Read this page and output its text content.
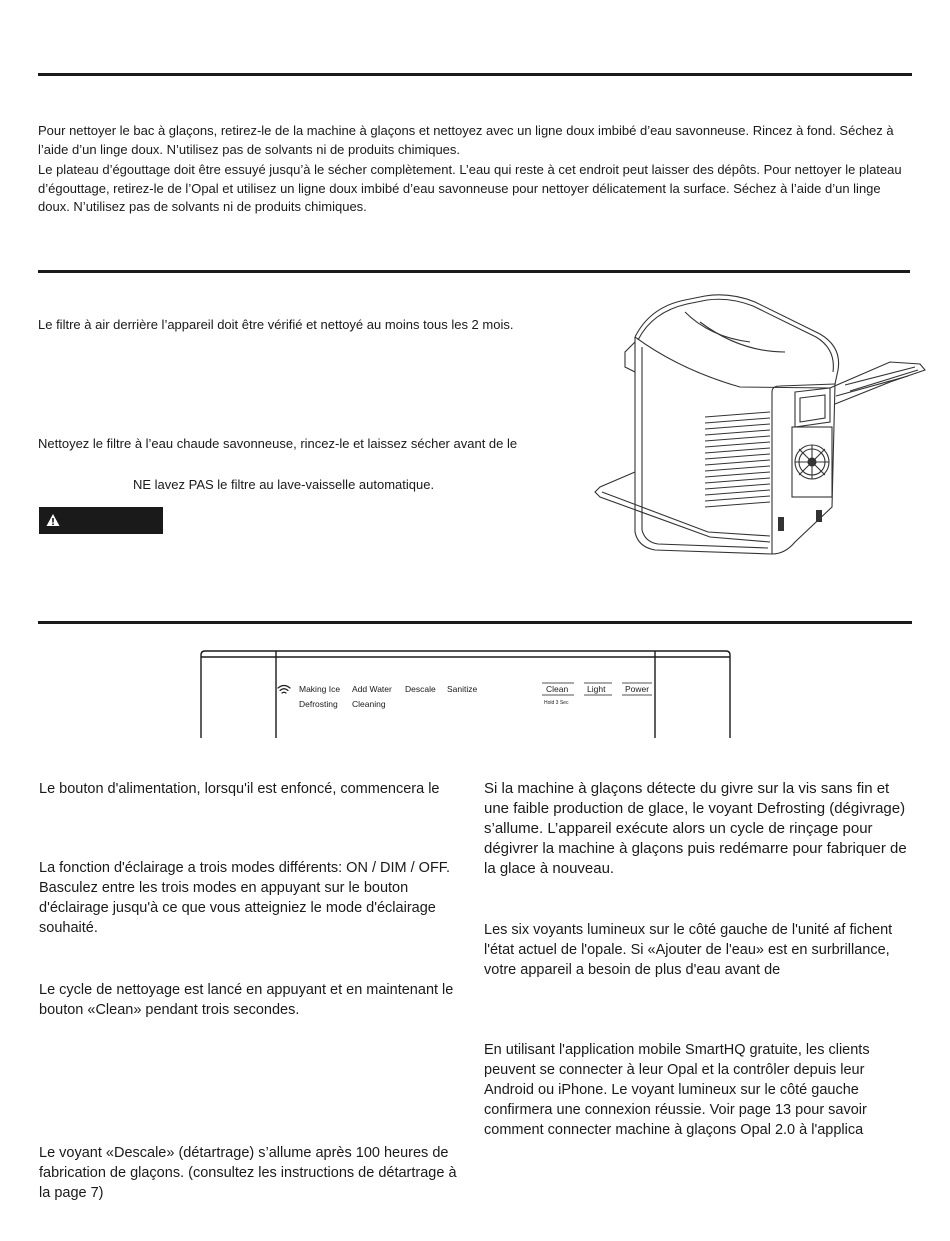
Pour nettoyer le bac à glaçons, retirez-le de la machine à glaçons et nettoyez avec un ligne doux imbibé d’eau savonneuse. Rincez à fond. Séchez à l’aide d’un linge doux. N’utilisez pas de solvants ni de produits chimiques.

Le plateau d’égouttage doit être essuyé jusqu’à le sécher complètement. L’eau qui reste à cet endroit peut laisser des dépôts. Pour nettoyer le plateau d’égouttage, retirez-le de l’Opal et utilisez un ligne doux imbibé d’eau savonneuse pour nettoyer délicatement la surface. Séchez à l’aide d’un linge doux. N’utilisez pas de solvants ni de produits chimiques.

Le filtre à air derrière l’appareil doit être vérifié et nettoyé au moins tous les 2 mois.

Nettoyez le filtre à l’eau chaude savonneuse, rincez-le et laissez sécher avant de le

NE lavez PAS le filtre au lave-vaisselle automatique.

Making Ice Add Water Descale Sanitize
Defrosting Cleaning
Clean Light Power
Hold 3 Sec

Le bouton d'alimentation, lorsqu'il est enfoncé, commencera le

La fonction d'éclairage a trois modes différents: ON / DIM / OFF. Basculez entre les trois modes en appuyant sur le bouton d'éclairage jusqu'à ce que vous atteigniez le mode d'éclairage souhaité.

Le cycle de nettoyage est lancé en appuyant et en maintenant le bouton «Clean» pendant trois secondes.

Le voyant «Descale» (détartrage) s’allume après 100 heures de fabrication de glaçons. (consultez les instructions de détartrage à la page 7)

Si la machine à glaçons détecte du givre sur la vis sans fin et une faible production de glace, le voyant Defrosting (dégivrage) s’allume. L’appareil exécute alors un cycle de rinçage pour dégivrer la machine à glaçons puis redémarre pour fabriquer de la glace à nouveau.

Les six voyants lumineux sur le côté gauche de l'unité af fichent l'état actuel de l'opale. Si «Ajouter de l'eau» est en surbrillance, votre appareil a besoin de plus d'eau avant de

En utilisant l'application mobile SmartHQ gratuite, les clients peuvent se connecter à leur Opal et la contrôler depuis leur Android ou iPhone. Le voyant lumineux sur le côté gauche confirmera une connexion réussie. Voir page 13 pour savoir comment connecter machine à glaçons Opal 2.0 à l'applica
